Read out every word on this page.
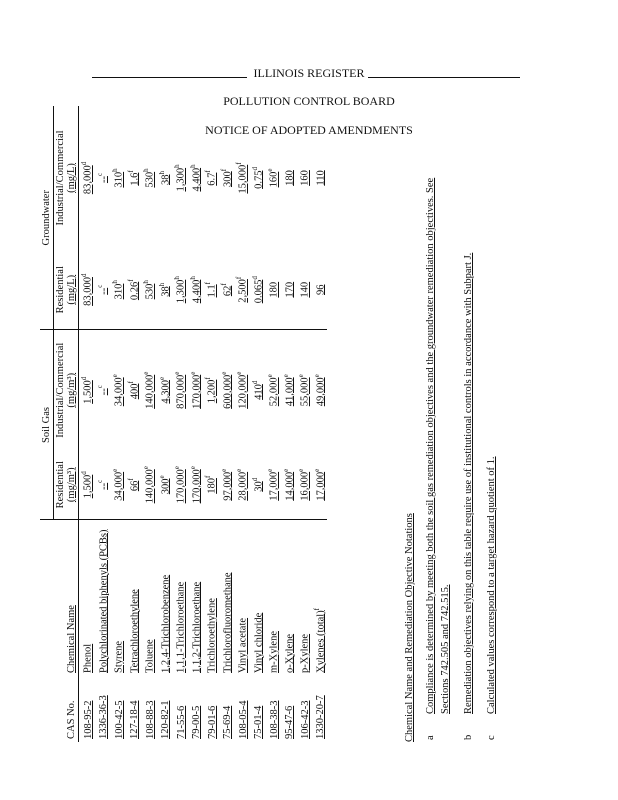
ILLINOIS REGISTER
POLLUTION CONTROL BOARD
NOTICE OF ADOPTED AMENDMENTS
		Soil Gas		Groundwater	
CAS No.	Chemical Name	Residential (mg/m³)	Industrial/Commercial (mg/m³)	Residential (mg/L)	Industrial/Commercial (mg/L)
108-95-2	Phenol	1,500$^d$	1,500$^d$	83,000$^d$	83,000$^d$
1336-36-3	Polychlorinated biphenyls (PCBs)	--$^c$	--$^c$	--$^c$	--$^c$
100-42-5	Styrene	34,000e	34,000e	310$^h$	310$^h$
127-18-4	Tetrachloroethylene	66$^f$	400$^f$	0.26$^f$	1.6$^f$
108-88-3	Toluene	140,000e	140,000e	530$^h$	530$^h$
120-82-1	1,2,4-Trichlorobenzene	300e	4,300e	38$^h$	38$^h$
71-55-6	1,1,1-Trichloroethane	170,000e	870,000e	1,300$^h$	1,300$^h$
79-00-5	1,1,2-Trichloroethane	170,000e	170,000e	4,400$^h$	4,400$^h$
79-01-6	Trichloroethylene	180$^f$	1,200$^f$	1.1$^f$	6.7$^f$
75-69-4	Trichlorofluoromethane	97,000e	600,000e	62$^f$	300$^f$
108-05-4	Vinyl acetate	28,000e	120,000e	2,500$^f$	15,000$^f$
75-01-4	Vinyl chloride	30$^d$	410$^d$	0.065$^d$	0.75$^d$
108-38-3	m-Xylene	17,000e	52,000e	180	160e
95-47-6	o-Xylene	14,000e	41,000e	170	180
106-42-3	p-Xylene	16,000e	55,000e	140	160
1330-20-7	Xylenes (total)$^f$	17,000e	49,000e	96	110
Chemical Name and Remediation Objective Notations a
Compliance is determined by meeting both the soil gas remediation objectives and the groundwater remediation objectives. See Sections 742.505 and 742.515.
b
Remediation objectives relying on this table require use of institutional controls in accordance with Subpart J.
c
Calculated values correspond to a target hazard quotient of 1.
